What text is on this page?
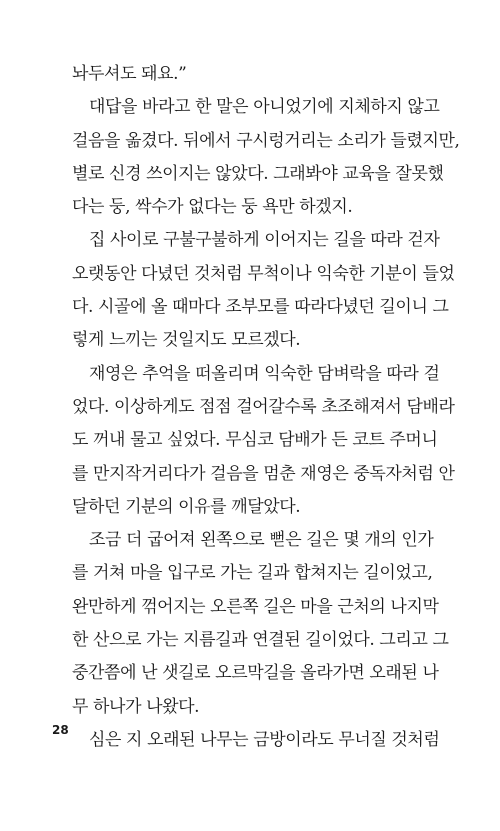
놔두셔도 돼요.”
대답을 바라고 한 말은 아니었기에 지체하지 않고
걸음을 옮겼다. 뒤에서 구시렁거리는 소리가 들렸지만,
별로 신경 쓰이지는 않았다. 그래봐야 교육을 잘못했
다는 둥, 싹수가 없다는 둥 욕만 하겠지.
집 사이로 구불구불하게 이어지는 길을 따라 걷자
오랫동안 다녔던 것처럼 무척이나 익숙한 기분이 들었
다. 시골에 올 때마다 조부모를 따라다녔던 길이니 그
렇게 느끼는 것일지도 모르겠다.
재영은 추억을 떠올리며 익숙한 담벼락을 따라 걸
었다. 이상하게도 점점 걸어갈수록 초조해져서 담배라
도 꺼내 물고 싶었다. 무심코 담배가 든 코트 주머니
를 만지작거리다가 걸음을 멈춘 재영은 중독자처럼 안
달하던 기분의 이유를 깨달았다.
조금 더 굽어져 왼쪽으로 뻗은 길은 몇 개의 인가
를 거쳐 마을 입구로 가는 길과 합쳐지는 길이었고,
완만하게 꺾어지는 오른쪽 길은 마을 근처의 나지막
한 산으로 가는 지름길과 연결된 길이었다. 그리고 그
중간쯤에 난 샛길로 오르막길을 올라가면 오래된 나
무 하나가 나왔다.
심은 지 오래된 나무는 금방이라도 무너질 것처럼
28
